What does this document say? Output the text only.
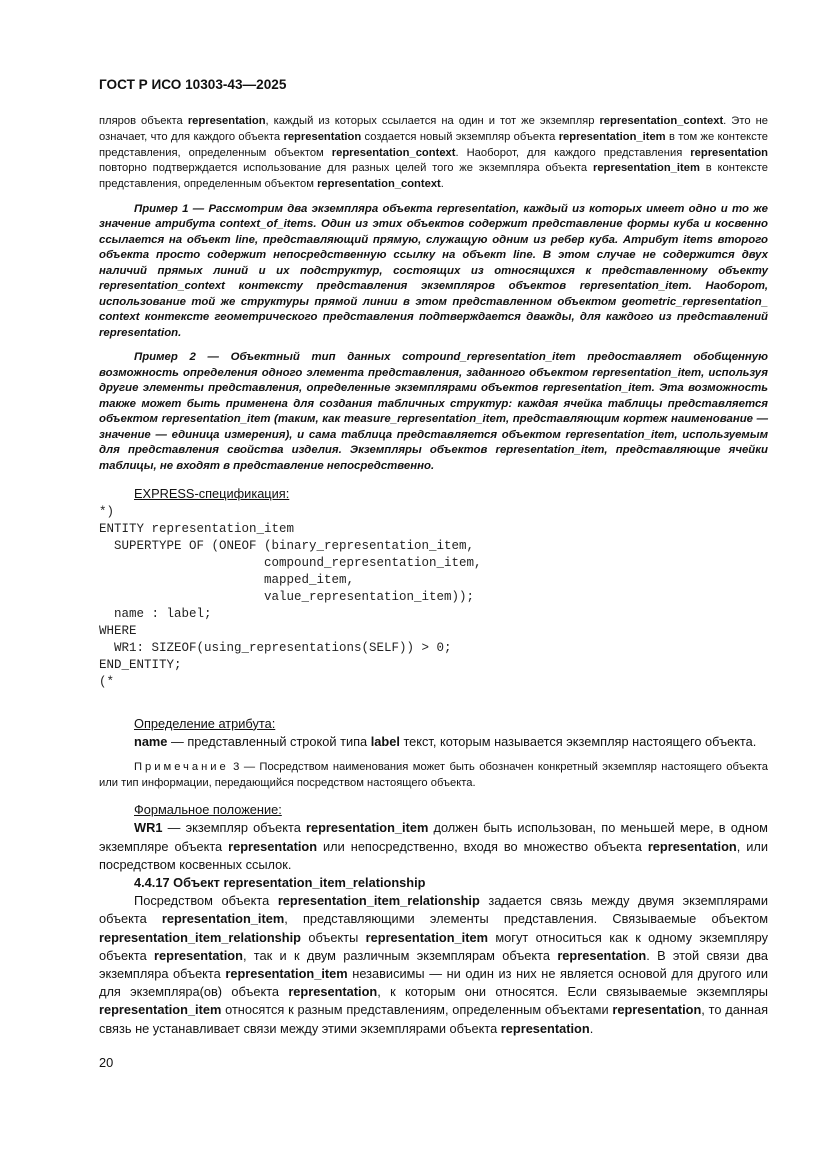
ГОСТ Р ИСО 10303-43—2025

пляров объекта representation, каждый из которых ссылается на один и тот же экземпляр representation_context. Это не означает, что для каждого объекта representation создается новый экземпляр объекта representation_item в том же контексте представления, определенным объектом representation_context. Наоборот, для каждого представления representation повторно подтверждается использование для разных целей того же экземпляра объекта representation_item в контексте представления, определенным объектом representation_context.

Пример 1 — Рассмотрим два экземпляра объекта representation, каждый из которых имеет одно и то же значение атрибута context_of_items. Один из этих объектов содержит представление формы куба и косвенно ссылается на объект line, представляющий прямую, служащую одним из ребер куба. Атрибут items второго объекта просто содержит непосредственную ссылку на объект line. В этом случае не содержится двух наличий прямых линий и их подструктур, состоящих из относящихся к представленному объекту representation_context контексту представления экземпляров объектов representation_item. Наоборот, использование той же структуры прямой линии в этом представленном объектом geometric_representation_ context контексте геометрического представления подтверждается дважды, для каждого из представлений representation.

Пример 2 — Объектный тип данных compound_representation_item предоставляет обобщенную возможность определения одного элемента представления, заданного объектом representation_item, используя другие элементы представления, определенные экземплярами объектов representation_item. Эта возможность также может быть применена для создания табличных структур: каждая ячейка таблицы представляется объектом representation_item (таким, как measure_representation_item, представляющим кортеж наименование — значение — единица измерения), и сама таблица представляется объектом representation_item, используемым для представления свойства изделия. Экземпляры объектов representation_item, представляющие ячейки таблицы, не входят в представление непосредственно.

EXPRESS-спецификация:

*)
ENTITY representation_item
SUPERTYPE OF (ONEOF (binary_representation_item,
compound_representation_item,
mapped_item,
value_representation_item));
name : label;
WHERE
WR1: SIZEOF(using_representations(SELF)) > 0;
END_ENTITY;
(*

Определение атрибута:

name — представленный строкой типа label текст, которым называется экземпляр настоящего объекта.

Примечание 3 — Посредством наименования может быть обозначен конкретный экземпляр настоящего объекта или тип информации, передающийся посредством настоящего объекта.

Формальное положение:

WR1 — экземпляр объекта representation_item должен быть использован, по меньшей мере, в одном экземпляре объекта representation или непосредственно, входя во множество объекта representation, или посредством косвенных ссылок.

4.4.17 Объект representation_item_relationship

Посредством объекта representation_item_relationship задается связь между двумя экземплярами объекта representation_item, представляющими элементы представления. Связываемые объектом representation_item_relationship объекты representation_item могут относиться как к одному экземпляру объекта representation, так и к двум различным экземплярам объекта representation. В этой связи два экземпляра объекта representation_item независимы — ни один из них не является основой для другого или для экземпляра(ов) объекта representation, к которым они относятся. Если связываемые экземпляры representation_item относятся к разным представлениям, определенным объектами representation, то данная связь не устанавливает связи между этими экземплярами объекта representation.

20
